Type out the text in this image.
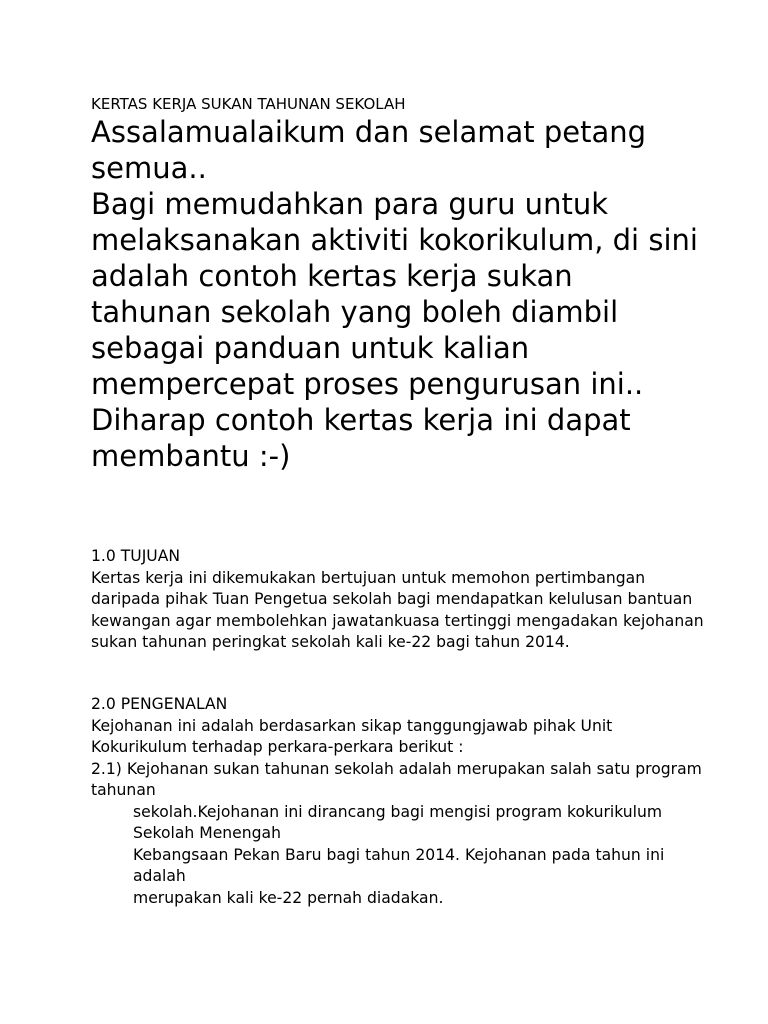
KERTAS KERJA SUKAN TAHUNAN SEKOLAH

Assalamualaikum dan selamat petang semua..

Bagi memudahkan para guru untuk melaksanakan aktiviti kokorikulum, di sini adalah contoh kertas kerja sukan tahunan sekolah yang boleh diambil sebagai panduan untuk kalian mempercepat proses pengurusan ini..

Diharap contoh kertas kerja ini dapat membantu :-)

1.0 TUJUAN

Kertas kerja ini dikemukakan bertujuan untuk memohon pertimbangan daripada pihak Tuan Pengetua sekolah bagi mendapatkan kelulusan bantuan kewangan agar membolehkan jawatankuasa tertinggi mengadakan kejohanan sukan tahunan peringkat sekolah kali ke-22 bagi tahun 2014.

2.0 PENGENALAN

Kejohanan ini adalah berdasarkan sikap tanggungjawab pihak Unit Kokurikulum terhadap perkara-perkara berikut :

2.1) Kejohanan sukan tahunan sekolah adalah merupakan salah satu program tahunan

sekolah.Kejohanan ini dirancang bagi mengisi program kokurikulum Sekolah Menengah

Kebangsaan Pekan Baru bagi tahun 2014. Kejohanan pada tahun ini adalah

merupakan kali ke-22 pernah diadakan.
